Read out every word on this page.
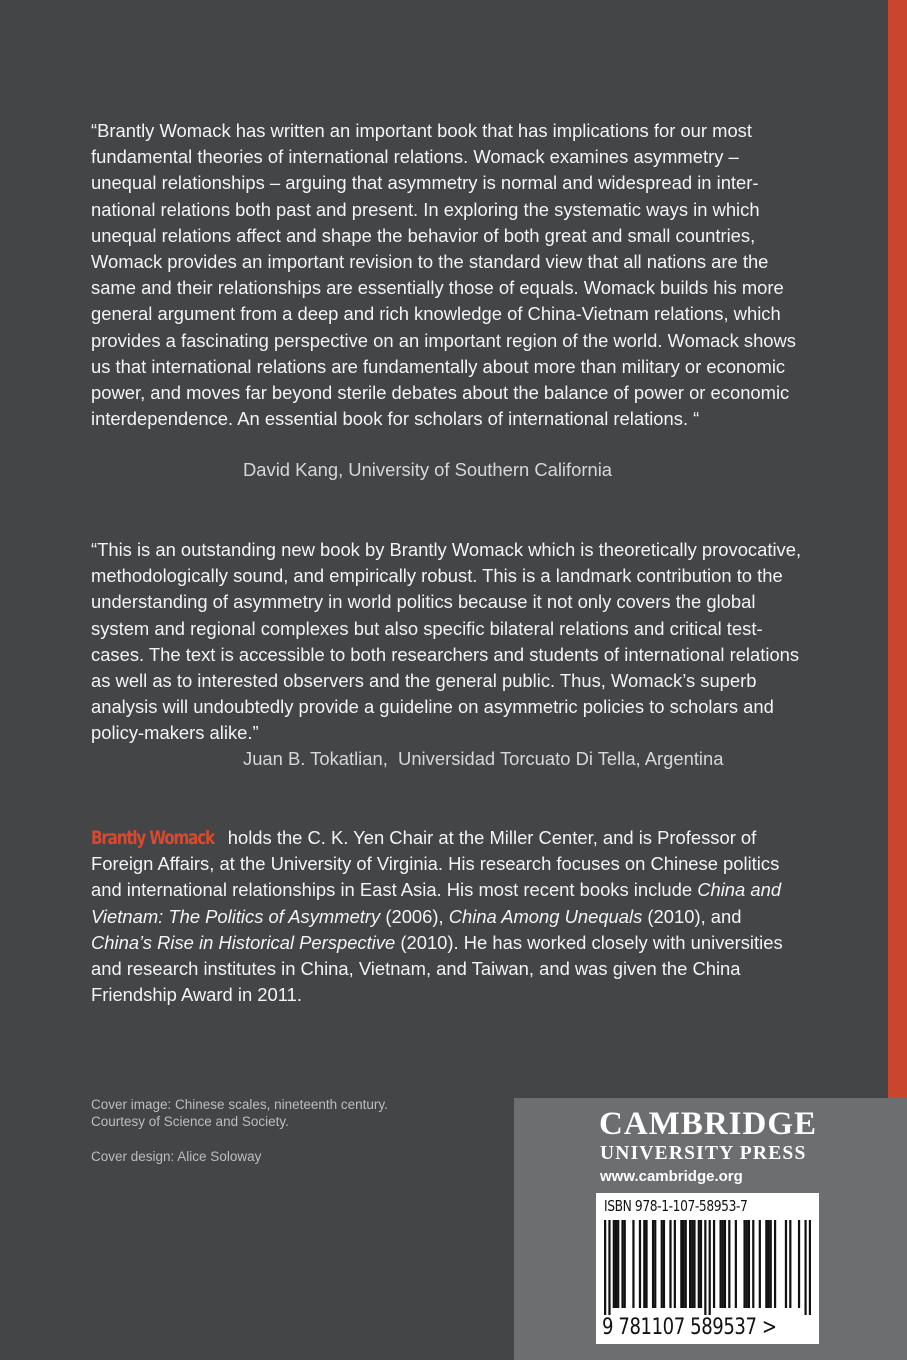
“Brantly Womack has written an important book that has implications for our most fundamental theories of international relations. Womack examines asymmetry – unequal relationships – arguing that asymmetry is normal and widespread in international relations both past and present. In exploring the systematic ways in which unequal relations affect and shape the behavior of both great and small countries, Womack provides an important revision to the standard view that all nations are the same and their relationships are essentially those of equals. Womack builds his more general argument from a deep and rich knowledge of China-Vietnam relations, which provides a fascinating perspective on an important region of the world. Womack shows us that international relations are fundamentally about more than military or economic power, and moves far beyond sterile debates about the balance of power or economic interdependence. An essential book for scholars of international relations. “

David Kang, University of Southern California

“This is an outstanding new book by Brantly Womack which is theoretically provocative, methodologically sound, and empirically robust. This is a landmark contribution to the understanding of asymmetry in world politics because it not only covers the global system and regional complexes but also specific bilateral relations and critical test-cases. The text is accessible to both researchers and students of international relations as well as to interested observers and the general public. Thus, Womack’s superb analysis will undoubtedly provide a guideline on asymmetric policies to scholars and policy-makers alike.”

Juan B. Tokatlian,  Universidad Torcuato Di Tella, Argentina

Brantly Womack holds the C. K. Yen Chair at the Miller Center, and is Professor of Foreign Affairs, at the University of Virginia. His research focuses on Chinese politics and international relationships in East Asia. His most recent books include China and Vietnam: The Politics of Asymmetry (2006), China Among Unequals (2010), and China’s Rise in Historical Perspective (2010). He has worked closely with universities and research institutes in China, Vietnam, and Taiwan, and was given the China Friendship Award in 2011.

Cover image: Chinese scales, nineteenth century.
Courtesy of Science and Society.
Cover design: Alice Soloway
CAMBRIDGE
UNIVERSITY PRESS
www.cambridge.org
ISBN 978-1-107-58953-7
9 781107 589537 >
